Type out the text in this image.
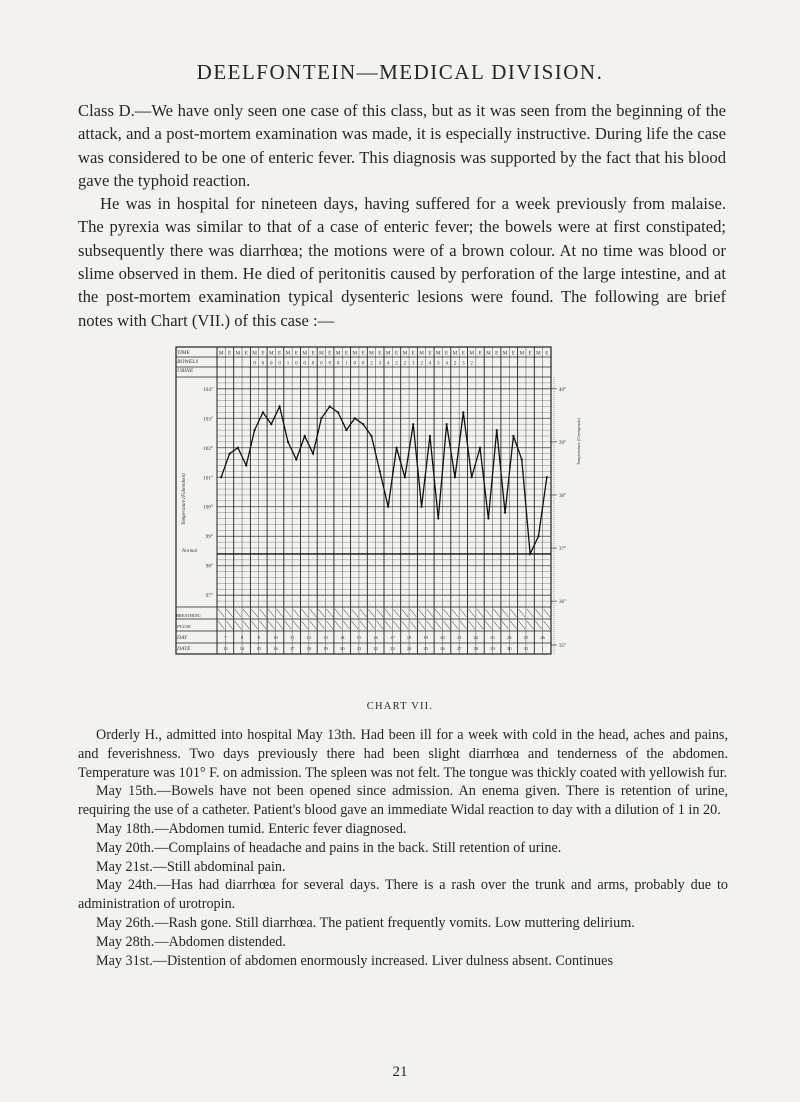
DEELFONTEIN—MEDICAL DIVISION.

Class D.—We have only seen one case of this class, but as it was seen from the beginning of the attack, and a post-mortem examination was made, it is especially instructive. During life the case was considered to be one of enteric fever. This diagnosis was supported by the fact that his blood gave the typhoid reaction.

He was in hospital for nineteen days, having suffered for a week previously from malaise. The pyrexia was similar to that of a case of enteric fever; the bowels were at first constipated; subsequently there was diarrhœa; the motions were of a brown colour. At no time was blood or slime observed in them. He died of peritonitis caused by perforation of the large intestine, and at the post-mortem examination typical dysenteric lesions were found. The following are brief notes with Chart (VII.) of this case :—

TIME
BOWELS
URINE
BREATHING
PULSE
DAY
DATE
Temperature (Fahrenheit)
Normal
Temperature (Centigrade)
M E M E M E M E M E M E M E M E M E M E M E M E M E M E M E M E M E M E M E M E
0 0 0 0 1 0 0 0 0 0 0 1 0 0 2 3 4 2 2 3 2 4 3 4 2 3 2
104°
103°
102°
101°
100°
99°
98°
97°
40°
39°
38°
37°
36°
35°
7	8	9	10	11	12	13	14	15	16	17	18	19	20	21	22	23	24	25	26
13	14	15	16	17	18	19	20	21	22	23	24	25	26	27	28	29	30	31	1
CHART VII.

Orderly H., admitted into hospital May 13th. Had been ill for a week with cold in the head, aches and pains, and feverishness. Two days previously there had been slight diarrhœa and tenderness of the abdomen. Temperature was 101° F. on admission. The spleen was not felt. The tongue was thickly coated with yellowish fur.

May 15th.—Bowels have not been opened since admission. An enema given. There is retention of urine, requiring the use of a catheter. Patient's blood gave an immediate Widal reaction to day with a dilution of 1 in 20.

May 18th.—Abdomen tumid. Enteric fever diagnosed.

May 20th.—Complains of headache and pains in the back. Still retention of urine.

May 21st.—Still abdominal pain.

May 24th.—Has had diarrhœa for several days. There is a rash over the trunk and arms, probably due to administration of urotropin.

May 26th.—Rash gone. Still diarrhœa. The patient frequently vomits. Low muttering delirium.

May 28th.—Abdomen distended.

May 31st.—Distention of abdomen enormously increased. Liver dulness absent. Continues

21
